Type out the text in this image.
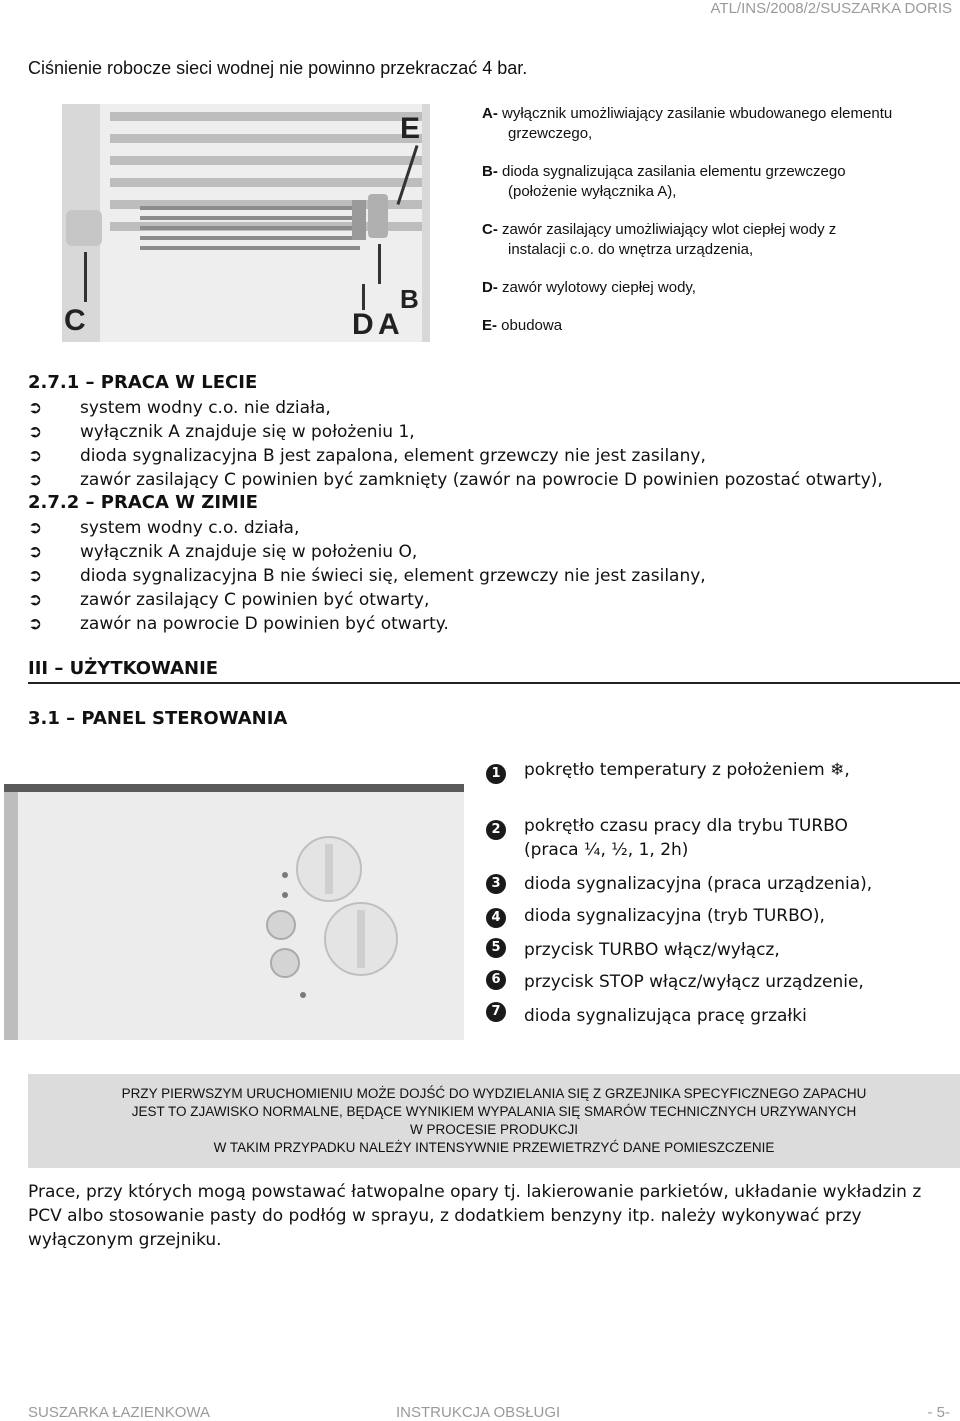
ATL/INS/2008/2/SUSZARKA DORIS
Ciśnienie robocze sieci wodnej nie powinno przekraczać 4 bar.
E
B
C	D A
A- wyłącznik umożliwiający zasilanie wbudowanego elementu
grzewczego,
B- dioda sygnalizująca zasilania elementu grzewczego
(położenie wyłącznika A),
C- zawór zasilający umożliwiający wlot ciepłej wody z
instalacji c.o. do wnętrza urządzenia,
D- zawór wylotowy ciepłej wody,
E- obudowa
2.7.1 – PRACA W LECIE
➲ system wodny c.o. nie działa,
➲ wyłącznik A znajduje się w położeniu 1,
➲ dioda sygnalizacyjna B jest zapalona, element grzewczy nie jest zasilany,
➲ zawór zasilający C powinien być zamknięty (zawór na powrocie D powinien pozostać otwarty),
2.7.2 – PRACA W ZIMIE
➲ system wodny c.o. działa,
➲ wyłącznik A znajduje się w położeniu O,
➲ dioda sygnalizacyjna B nie świeci się, element grzewczy nie jest zasilany,
➲ zawór zasilający C powinien być otwarty,
➲ zawór na powrocie D powinien być otwarty.
III – UŻYTKOWANIE
3.1 – PANEL STEROWANIA
1	pokrętło temperatury z położeniem ❄,
2	pokrętło czasu pracy dla trybu TURBO
(praca ¼, ½, 1, 2h)
3	dioda sygnalizacyjna (praca urządzenia),
4	dioda sygnalizacyjna (tryb TURBO),
5	przycisk TURBO włącz/wyłącz,
6	przycisk STOP włącz/wyłącz urządzenie,
7	dioda sygnalizująca pracę grzałki
PRZY PIERWSZYM URUCHOMIENIU MOŻE DOJŚĆ DO WYDZIELANIA SIĘ Z GRZEJNIKA SPECYFICZNEGO ZAPACHU
JEST TO ZJAWISKO NORMALNE, BĘDĄCE WYNIKIEM WYPALANIA SIĘ SMARÓW TECHNICZNYCH URZYWANYCH
W PROCESIE PRODUKCJI
W TAKIM PRZYPADKU NALEŻY INTENSYWNIE PRZEWIETRZYĆ DANE POMIESZCZENIE
Prace, przy których mogą powstawać łatwopalne opary tj. lakierowanie parkietów, układanie wykładzin z PCV albo stosowanie pasty do podłóg w sprayu, z dodatkiem benzyny itp. należy wykonywać przy wyłączonym grzejniku.
SUSZARKA ŁAZIENKOWA	INSTRUKCJA OBSŁUGI	- 5-
